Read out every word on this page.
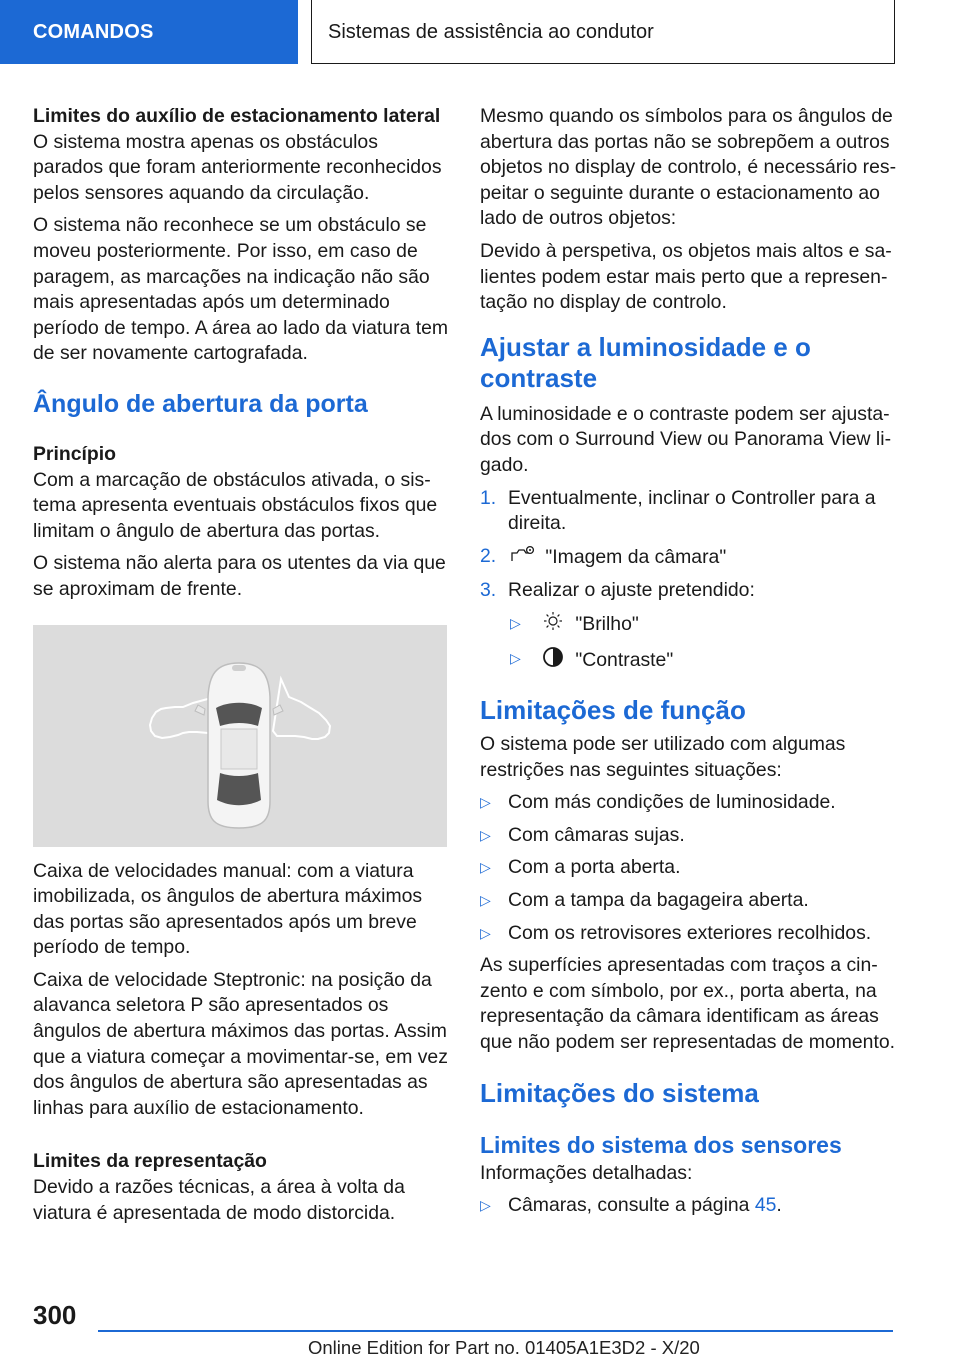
COMANDOS	Sistemas de assistência ao condutor

Limites do auxílio de estacionamento lateral

O sistema mostra apenas os obstáculos parados que foram anteriormente reconhecidos pelos sensores aquando da circulação.

O sistema não reconhece se um obstáculo se moveu posteriormente. Por isso, em caso de paragem, as marcações na indicação não são mais apresentadas após um determinado período de tempo. A área ao lado da viatura tem de ser novamente cartografada.

Ângulo de abertura da porta

Princípio

Com a marcação de obstáculos ativada, o sistema apresenta eventuais obstáculos fixos que limitam o ângulo de abertura das portas.

O sistema não alerta para os utentes da via que se aproximam de frente.

Caixa de velocidades manual: com a viatura imobilizada, os ângulos de abertura máximos das portas são apresentados após um breve período de tempo.

Caixa de velocidade Steptronic: na posição da alavanca seletora P são apresentados os ângulos de abertura máximos das portas. Assim que a viatura começar a movimentar-se, em vez dos ângulos de abertura são apresentadas as linhas para auxílio de estacionamento.

Limites da representação

Devido a razões técnicas, a área à volta da viatura é apresentada de modo distorcida.

Mesmo quando os símbolos para os ângulos de abertura das portas não se sobrepõem a outros objetos no display de controlo, é necessário respeitar o seguinte durante o estacionamento ao lado de outros objetos:

Devido à perspetiva, os objetos mais altos e salientes podem estar mais perto que a representação no display de controlo.

Ajustar a luminosidade e o contraste

A luminosidade e o contraste podem ser ajustados com o Surround View ou Panorama View ligado.

1. Eventualmente, inclinar o Controller para a direita.
2.	"Imagem da câmara"
3. Realizar o ajuste pretendido:
▷	"Brilho"
▷	"Contraste"
Limitações de função

O sistema pode ser utilizado com algumas restrições nas seguintes situações:

▷ Com más condições de luminosidade.
▷ Com câmaras sujas.
▷ Com a porta aberta.
▷ Com a tampa da bagageira aberta.
▷ Com os retrovisores exteriores recolhidos.

As superfícies apresentadas com traços a cinzento e com símbolo, por ex., porta aberta, na representação da câmara identificam as áreas que não podem ser representadas de momento.

Limitações do sistema
Limites do sistema dos sensores

Informações detalhadas:

▷ Câmaras, consulte a página 45.
300
Online Edition for Part no. 01405A1E3D2 - X/20
